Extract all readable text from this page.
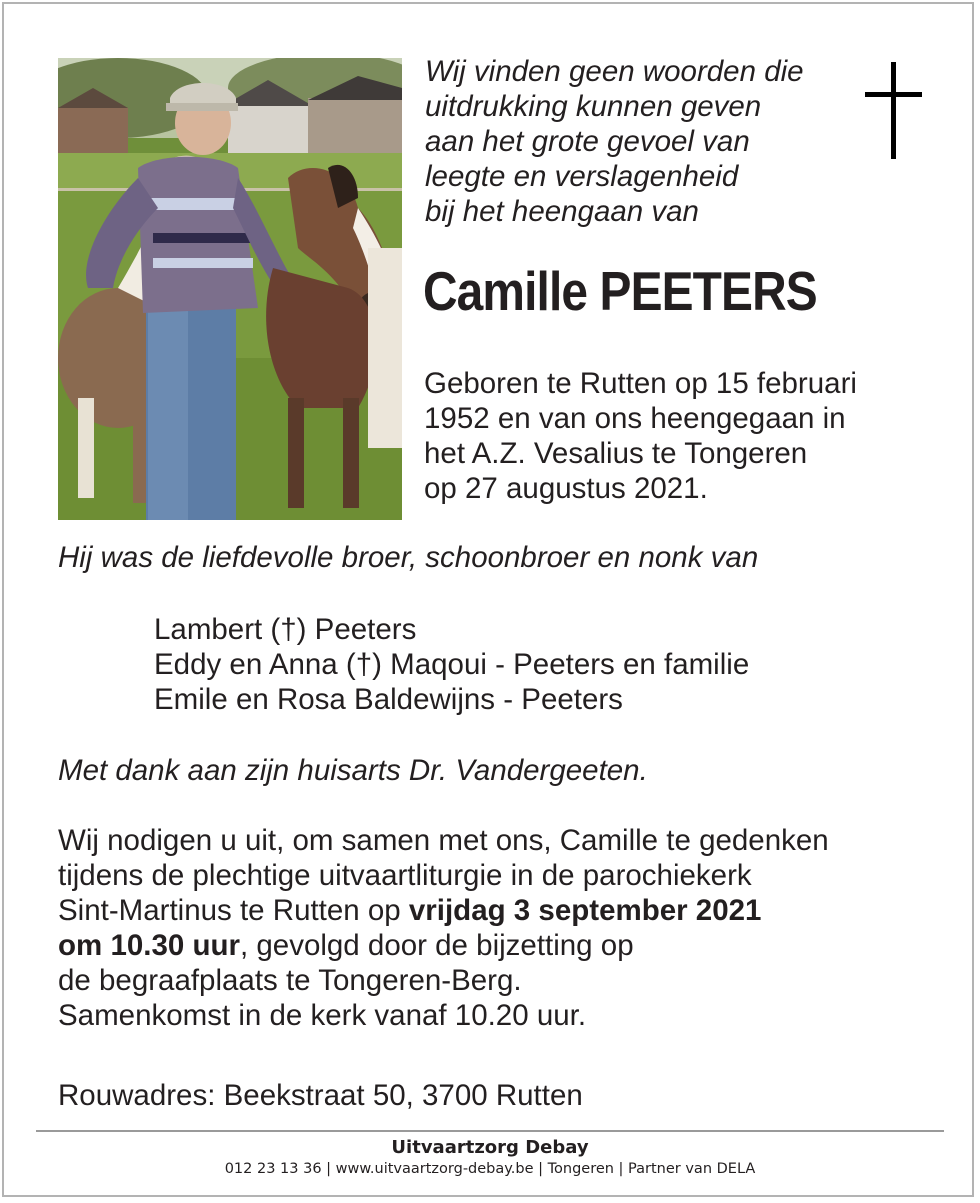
Wij vinden geen woorden die
uitdrukking kunnen geven
aan het grote gevoel van
leegte en verslagenheid
bij het heengaan van
Camille PEETERS
Geboren te Rutten op 15 februari
1952 en van ons heengegaan in
het A.Z. Vesalius te Tongeren
op 27 augustus 2021.
Hij was de liefdevolle broer, schoonbroer en nonk van
Lambert (†) Peeters
Eddy en Anna (†) Maqoui - Peeters en familie
Emile en Rosa Baldewijns - Peeters
Met dank aan zijn huisarts Dr. Vandergeeten.
Wij nodigen u uit, om samen met ons, Camille te gedenken
tijdens de plechtige uitvaartliturgie in de parochiekerk
Sint-Martinus te Rutten op vrijdag 3 september 2021
om 10.30 uur, gevolgd door de bijzetting op
de begraafplaats te Tongeren-Berg.
Samenkomst in de kerk vanaf 10.20 uur.
Rouwadres: Beekstraat 50, 3700 Rutten
Uitvaartzorg Debay
012 23 13 36 | www.uitvaartzorg-debay.be | Tongeren | Partner van DELA
